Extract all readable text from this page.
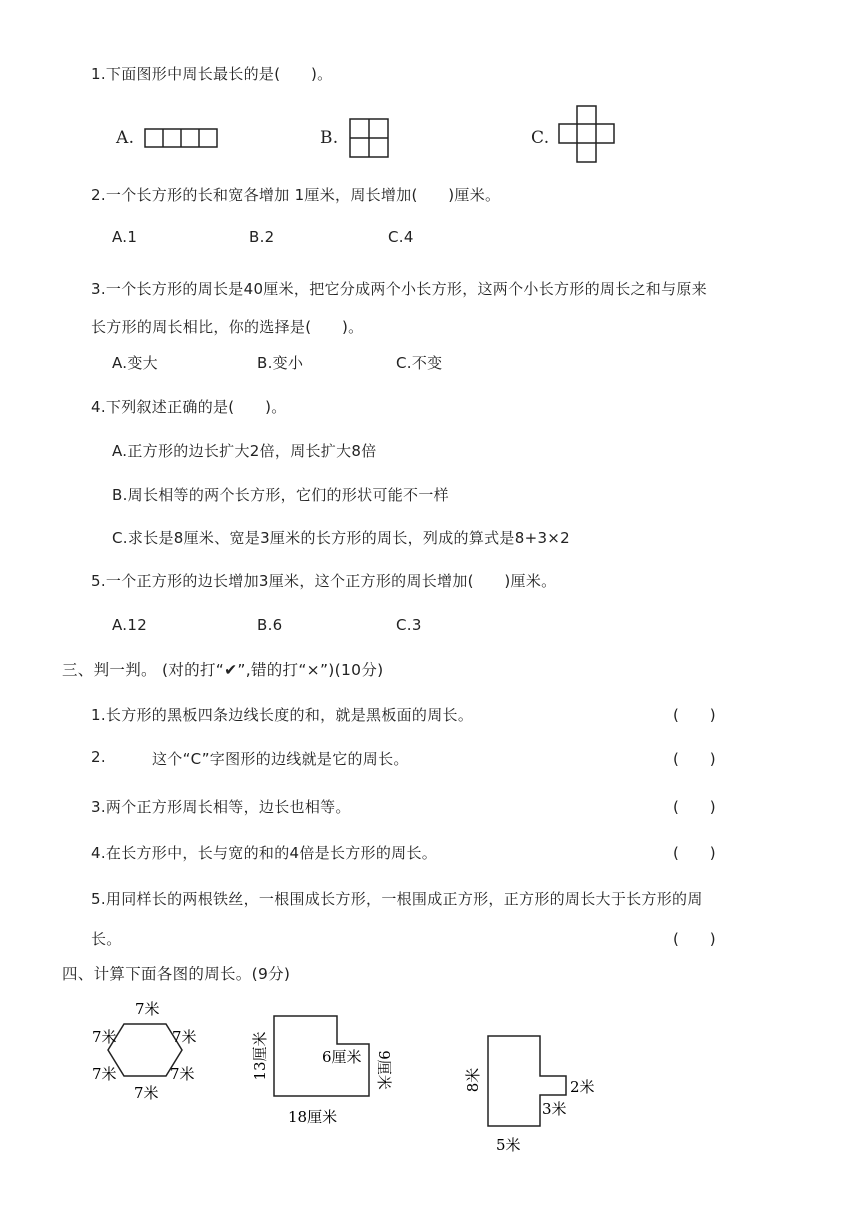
1.下面图形中周长最长的是(　　)。
A.	B.	C.
2.一个长方形的长和宽各增加 1厘米，周长增加(　　)厘米。
A.1	B.2	C.4
3.一个长方形的周长是40厘米，把它分成两个小长方形，这两个小长方形的周长之和与原来
长方形的周长相比，你的选择是(　　)。
A.变大	B.变小	C.不变
4.下列叙述正确的是(　　)。
A.正方形的边长扩大2倍，周长扩大8倍
B.周长相等的两个长方形，它们的形状可能不一样
C.求长是8厘米、宽是3厘米的长方形的周长，列成的算式是8+3×2
5.一个正方形的边长增加3厘米，这个正方形的周长增加(　　)厘米。
A.12	B.6	C.3
三、判一判。 (对的打“✔”,错的打“×”)(10分)
1.长方形的黑板四条边线长度的和，就是黑板面的周长。	(　　)
2.	这个“C”字图形的边线就是它的周长。	(　　)
3.两个正方形周长相等，边长也相等。	(　　)
4.在长方形中，长与宽的和的4倍是长方形的周长。	(　　)
5.用同样长的两根铁丝，一根围成长方形，一根围成正方形，正方形的周长大于长方形的周
长。	(　　)
四、计算下面各图的周长。(9分)
7米
7米	7米
7米	7米
7米
13厘米	6厘米 9厘米
18厘米
8米	2米
3米
5米
